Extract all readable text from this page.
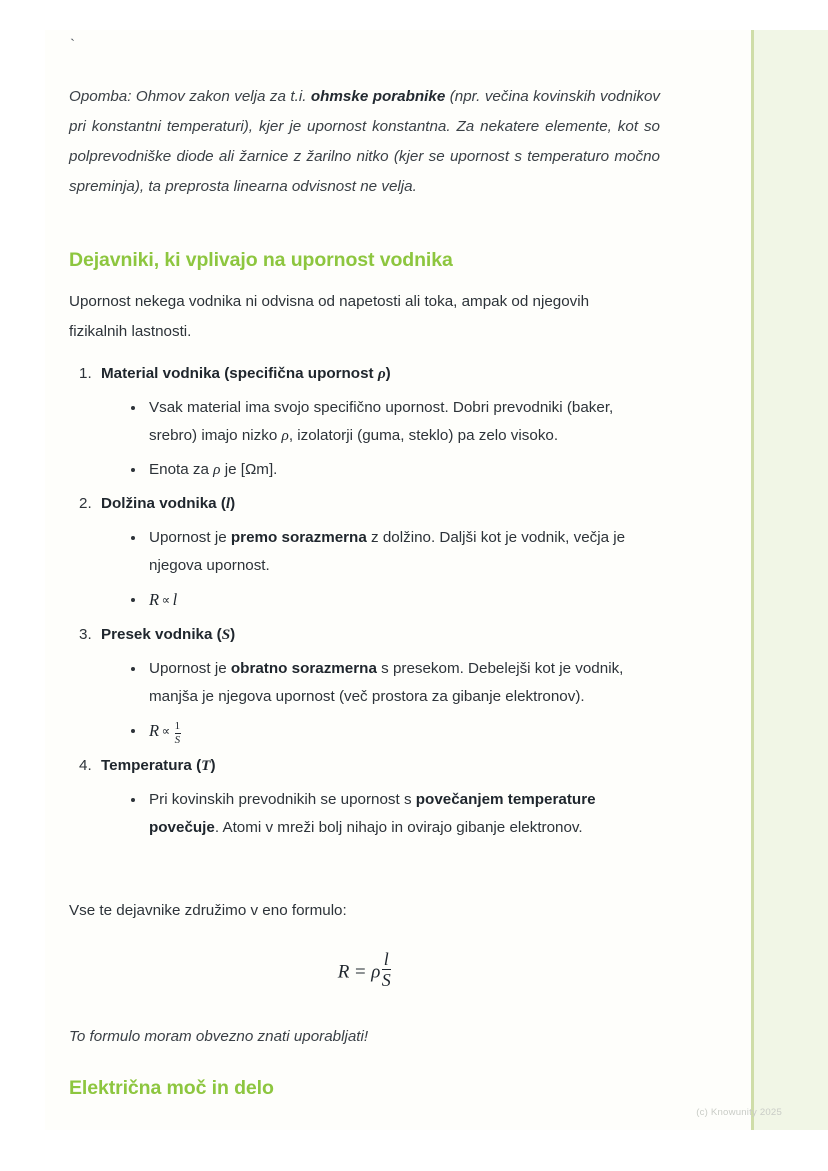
`

Opomba: Ohmov zakon velja za t.i. ohmske porabnike (npr. večina kovinskih vodnikov pri konstantni temperaturi), kjer je upornost konstantna. Za nekatere elemente, kot so polprevodniške diode ali žarnice z žarilno nitko (kjer se upornost s temperaturo močno spreminja), ta preprosta linearna odvisnost ne velja.

Dejavniki, ki vplivajo na upornost vodnika

Upornost nekega vodnika ni odvisna od napetosti ali toka, ampak od njegovih fizikalnih lastnosti.

1. Material vodnika (specifična upornost ρ)
Vsak material ima svojo specifično upornost. Dobri prevodniki (baker, srebro) imajo nizko ρ, izolatorji (guma, steklo) pa zelo visoko.
Enota za ρ je [Ωm].
2. Dolžina vodnika (l)
Upornost je premo sorazmerna z dolžino. Daljši kot je vodnik, večja je njegova upornost.
R ∝ l
3. Presek vodnika (S)
Upornost je obratno sorazmerna s presekom. Debelejši kot je vodnik, manjša je njegova upornost (več prostora za gibanje elektronov).
$R \propto \frac{1}{S}$
4. Temperatura (T)
Pri kovinskih prevodnikih se upornost s povečanjem temperature povečuje. Atomi v mreži bolj nihajo in ovirajo gibanje elektronov.

Vse te dejavnike združimo v eno formulo:

R = ρ $\frac{l}{S}$

To formulo moram obvezno znati uporabljati!

Električna moč in delo
(c) Knowunity 2025
